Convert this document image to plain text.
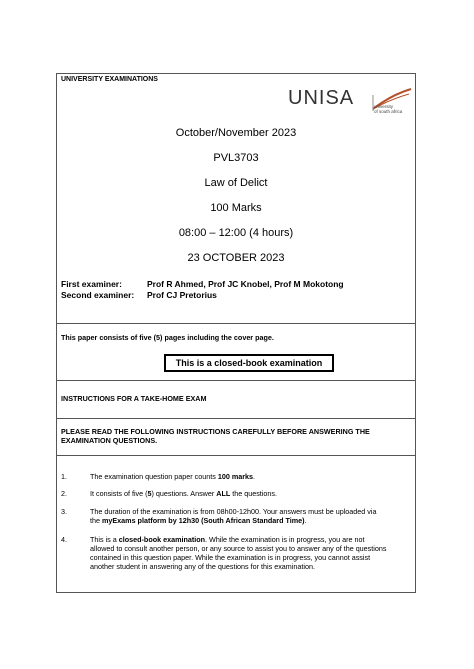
UNIVERSITY EXAMINATIONS
UNISA	university
of south africa
October/November 2023
PVL3703
Law of Delict
100 Marks
08:00 – 12:00 (4 hours)
23 OCTOBER 2023
First examiner:	Prof R Ahmed, Prof JC Knobel, Prof M Mokotong
Second examiner: Prof CJ Pretorius
This paper consists of five (5) pages including the cover page.
This is a closed-book examination
INSTRUCTIONS FOR A TAKE-HOME EXAM
PLEASE READ THE FOLLOWING INSTRUCTIONS CAREFULLY BEFORE ANSWERING THE
EXAMINATION QUESTIONS.
1.	The examination question paper counts 100 marks.
2.	It consists of five (5) questions. Answer ALL the questions.
3.	The duration of the examination is from 08h00-12h00. Your answers must be uploaded via
the myExams platform by 12h30 (South African Standard Time).
4.	This is a closed-book examination. While the examination is in progress, you are not
allowed to consult another person, or any source to assist you to answer any of the questions
contained in this question paper. While the examination is in progress, you cannot assist
another student in answering any of the questions for this examination.
